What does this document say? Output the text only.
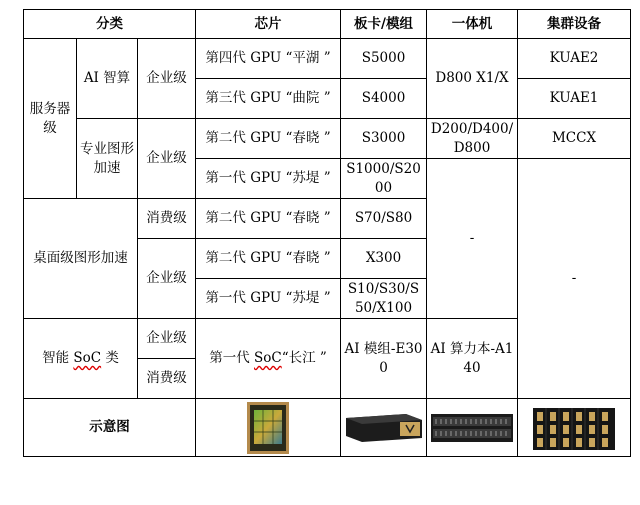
分类			芯片	板卡/模组	一体机	集群设备
服务器级	AI 智算	企业级	第四代 GPU “平湖 ”	S5000	D800 X1/X	KUAE2
			第三代 GPU “曲院 ”	S4000		KUAE1
	专业图形加速	企业级	第二代 GPU “春晓 ”	S3000	D200/D400/D800	MCCX
			第一代 GPU “苏堤 ”	S1000/S2000	-	-
桌面级图形加速		消费级	第二代 GPU “春晓 ”	S70/S80		
		企业级	第二代 GPU “春晓 ”	X300		
			第一代 GPU “苏堤 ”	S10/S30/S50/X100		
智能 SoC 类		企业级	第一代 SoC“长江 ”	AI 模组-E300	AI 算力本-A140	
		消费级				
示意图	
